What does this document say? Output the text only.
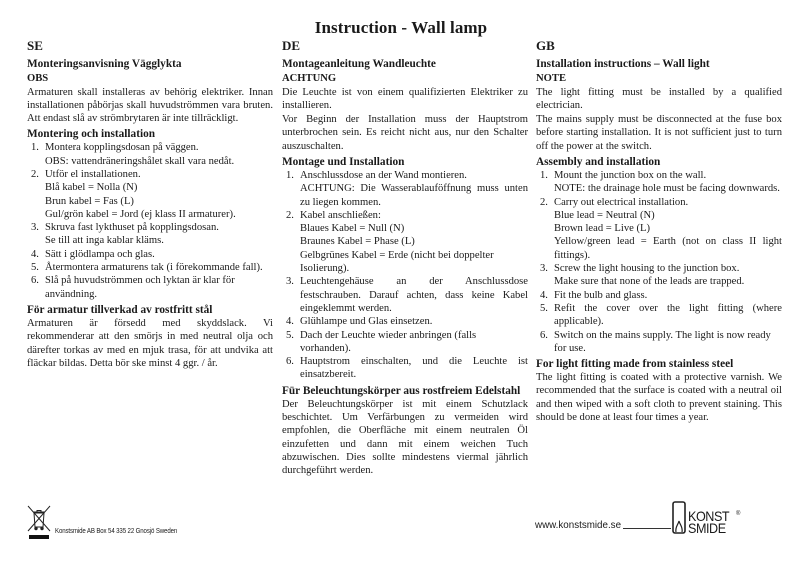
Instruction - Wall lamp
SE
Monteringsanvisning Vägglykta
OBS

Armaturen skall installeras av behörig elektriker. Innan installationen påbörjas skall huvudströmmen vara bruten. Att endast slå av strömbrytaren är inte tillräckligt.

Montering och installation
1. Montera kopplingsdosan på väggen.
OBS: vattendräneringshålet skall vara nedåt.
2. Utför el installationen.
Blå kabel = Nolla (N)
Brun kabel = Fas (L)
Gul/grön kabel = Jord (ej klass II armaturer).
3. Skruva fast lykthuset på kopplingsdosan.
Se till att inga kablar kläms.
4. Sätt i glödlampa och glas.
5. Återmontera armaturens tak (i förekommande fall).
6. Slå på huvudströmmen och lyktan är klar för användning.
För armatur tillverkad av rostfritt stål

Armaturen är försedd med skyddslack. Vi rekommenderar att den smörjs in med neutral olja och därefter torkas av med en mjuk trasa, för att undvika att fläckar bildas. Detta bör ske minst 4 ggr. / år.

DE
Montageanleitung Wandleuchte
ACHTUNG

Die Leuchte ist von einem qualifizierten Elektriker zu installieren.

Vor Beginn der Installation muss der Hauptstrom unterbrochen sein. Es reicht nicht aus, nur den Schalter auszuschalten.

Montage und Installation
1. Anschlussdose an der Wand montieren.
ACHTUNG: Die Wasserablauföffnung muss unten zu liegen kommen.
2. Kabel anschließen:
Blaues Kabel = Null (N)
Braunes Kabel = Phase (L)
Gelbgrünes Kabel = Erde (nicht bei doppelter Isolierung).
3. Leuchtengehäuse an der Anschlussdose festschrauben. Darauf achten, dass keine Kabel eingeklemmt werden.
4. Glühlampe und Glas einsetzen.
5. Dach der Leuchte wieder anbringen (falls vorhanden).
6. Hauptstrom einschalten, und die Leuchte ist einsatzbereit.
Für Beleuchtungskörper aus rostfreiem Edelstahl

Der Beleuchtungskörper ist mit einem Schutzlack beschichtet. Um Verfärbungen zu vermeiden wird empfohlen, die Oberfläche mit einem neutralen Öl einzufetten und dann mit einem weichen Tuch abzuwischen. Dies sollte mindestens viermal jährlich durchgeführt werden.

GB
Installation instructions – Wall light
NOTE

The light fitting must be installed by a qualified electrician.

The mains supply must be disconnected at the fuse box before starting installation. It is not sufficient just to turn off the power at the switch.

Assembly and installation
1. Mount the junction box on the wall.
NOTE: the drainage hole must be facing downwards.
2. Carry out electrical installation.
Blue lead = Neutral (N)
Brown lead = Live (L)
Yellow/green lead = Earth (not on class II light fittings).
3. Screw the light housing to the junction box.
Make sure that none of the leads are trapped.
4. Fit the bulb and glass.
5. Refit the cover over the light fitting (where applicable).
6. Switch on the mains supply. The light is now ready for use.
For light fitting made from stainless steel

The light fitting is coated with a protective varnish. We recommended that the surface is coated with a neutral oil and then wiped with a soft cloth to prevent staining. This should be done at least four times a year.

Konstsmide AB Box 54 335 22 Gnosjö Sweden	www.konstsmide.se
KONST
SMIDE
®
